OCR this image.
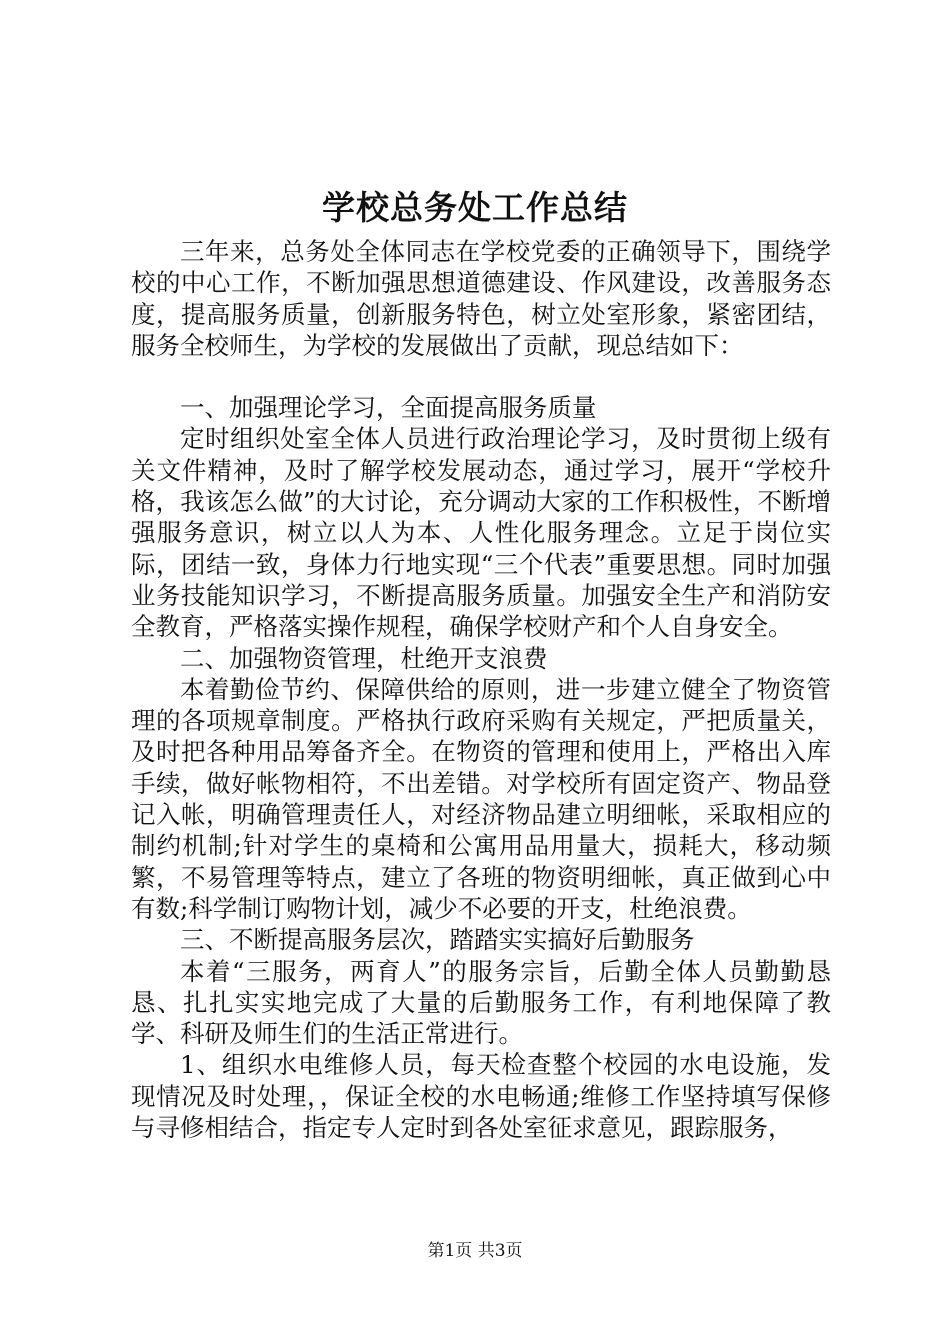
学校总务处工作总结

三年来，总务处全体同志在学校党委的正确领导下，围绕学校的中心工作，不断加强思想道德建设、作风建设，改善服务态度，提高服务质量，创新服务特色，树立处室形象，紧密团结，服务全校师生，为学校的发展做出了贡献，现总结如下：

一、加强理论学习，全面提高服务质量

定时组织处室全体人员进行政治理论学习，及时贯彻上级有关文件精神，及时了解学校发展动态，通过学习，展开“学校升格，我该怎么做”的大讨论，充分调动大家的工作积极性，不断增强服务意识，树立以人为本、人性化服务理念。立足于岗位实际，团结一致，身体力行地实现“三个代表”重要思想。同时加强业务技能知识学习，不断提高服务质量。加强安全生产和消防安全教育，严格落实操作规程，确保学校财产和个人自身安全。

二、加强物资管理，杜绝开支浪费

本着勤俭节约、保障供给的原则，进一步建立健全了物资管理的各项规章制度。严格执行政府采购有关规定，严把质量关，及时把各种用品筹备齐全。在物资的管理和使用上，严格出入库手续，做好帐物相符，不出差错。对学校所有固定资产、物品登记入帐，明确管理责任人，对经济物品建立明细帐，采取相应的制约机制;针对学生的桌椅和公寓用品用量大，损耗大，移动频繁，不易管理等特点，建立了各班的物资明细帐，真正做到心中有数;科学制订购物计划，减少不必要的开支，杜绝浪费。

三、不断提高服务层次，踏踏实实搞好后勤服务

本着“三服务，两育人”的服务宗旨，后勤全体人员勤勤恳恳、扎扎实实地完成了大量的后勤服务工作，有利地保障了教学、科研及师生们的生活正常进行。

1、组织水电维修人员，每天检查整个校园的水电设施，发现情况及时处理，，保证全校的水电畅通;维修工作坚持填写保修与寻修相结合，指定专人定时到各处室征求意见，跟踪服务，

第1页 共3页
